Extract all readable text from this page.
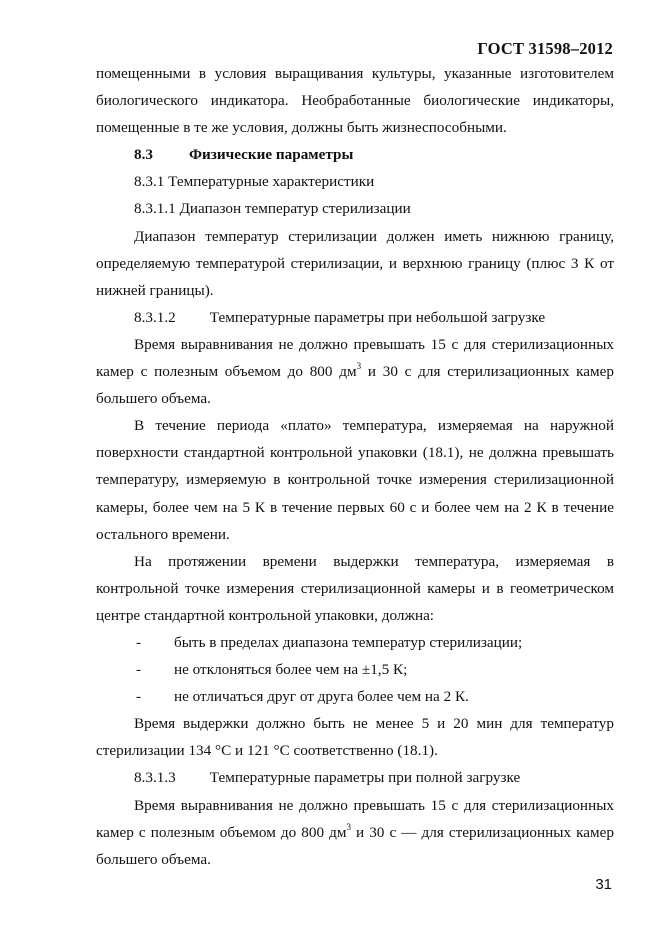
ГОСТ 31598–2012

помещенными в условия выращивания культуры, указанные изготовителем биологического индикатора. Необработанные биологические индикаторы, помещенные в те же условия, должны быть жизнеспособными.

8.3 Физические параметры

8.3.1 Температурные характеристики

8.3.1.1 Диапазон температур стерилизации

Диапазон температур стерилизации должен иметь нижнюю границу, определяемую температурой стерилизации, и верхнюю границу (плюс 3 К от нижней границы).

8.3.1.2 Температурные параметры при небольшой загрузке

Время выравнивания не должно превышать 15 с для стерилизационных камер с полезным объемом до 800 $дм^3$ и 30 с для стерилизационных камер большего объема.

В течение периода «плато» температура, измеряемая на наружной поверхности стандартной контрольной упаковки (18.1), не должна превышать температуру, измеряемую в контрольной точке измерения стерилизационной камеры, более чем на 5 К в течение первых 60 с и более чем на 2 К в течение остального времени.

На протяжении времени выдержки температура, измеряемая в контрольной точке измерения стерилизационной камеры и в геометрическом центре стандартной контрольной упаковки, должна:

- быть в пределах диапазона температур стерилизации;

- не отклоняться более чем на ±1,5 К;

- не отличаться друг от друга более чем на 2 К.

Время выдержки должно быть не менее 5 и 20 мин для температур стерилизации 134 °С и 121 °С соответственно (18.1).

8.3.1.3 Температурные параметры при полной загрузке

Время выравнивания не должно превышать 15 с для стерилизационных камер с полезным объемом до 800 $дм^3$ и 30 с — для стерилизационных камер большего объема.

31
